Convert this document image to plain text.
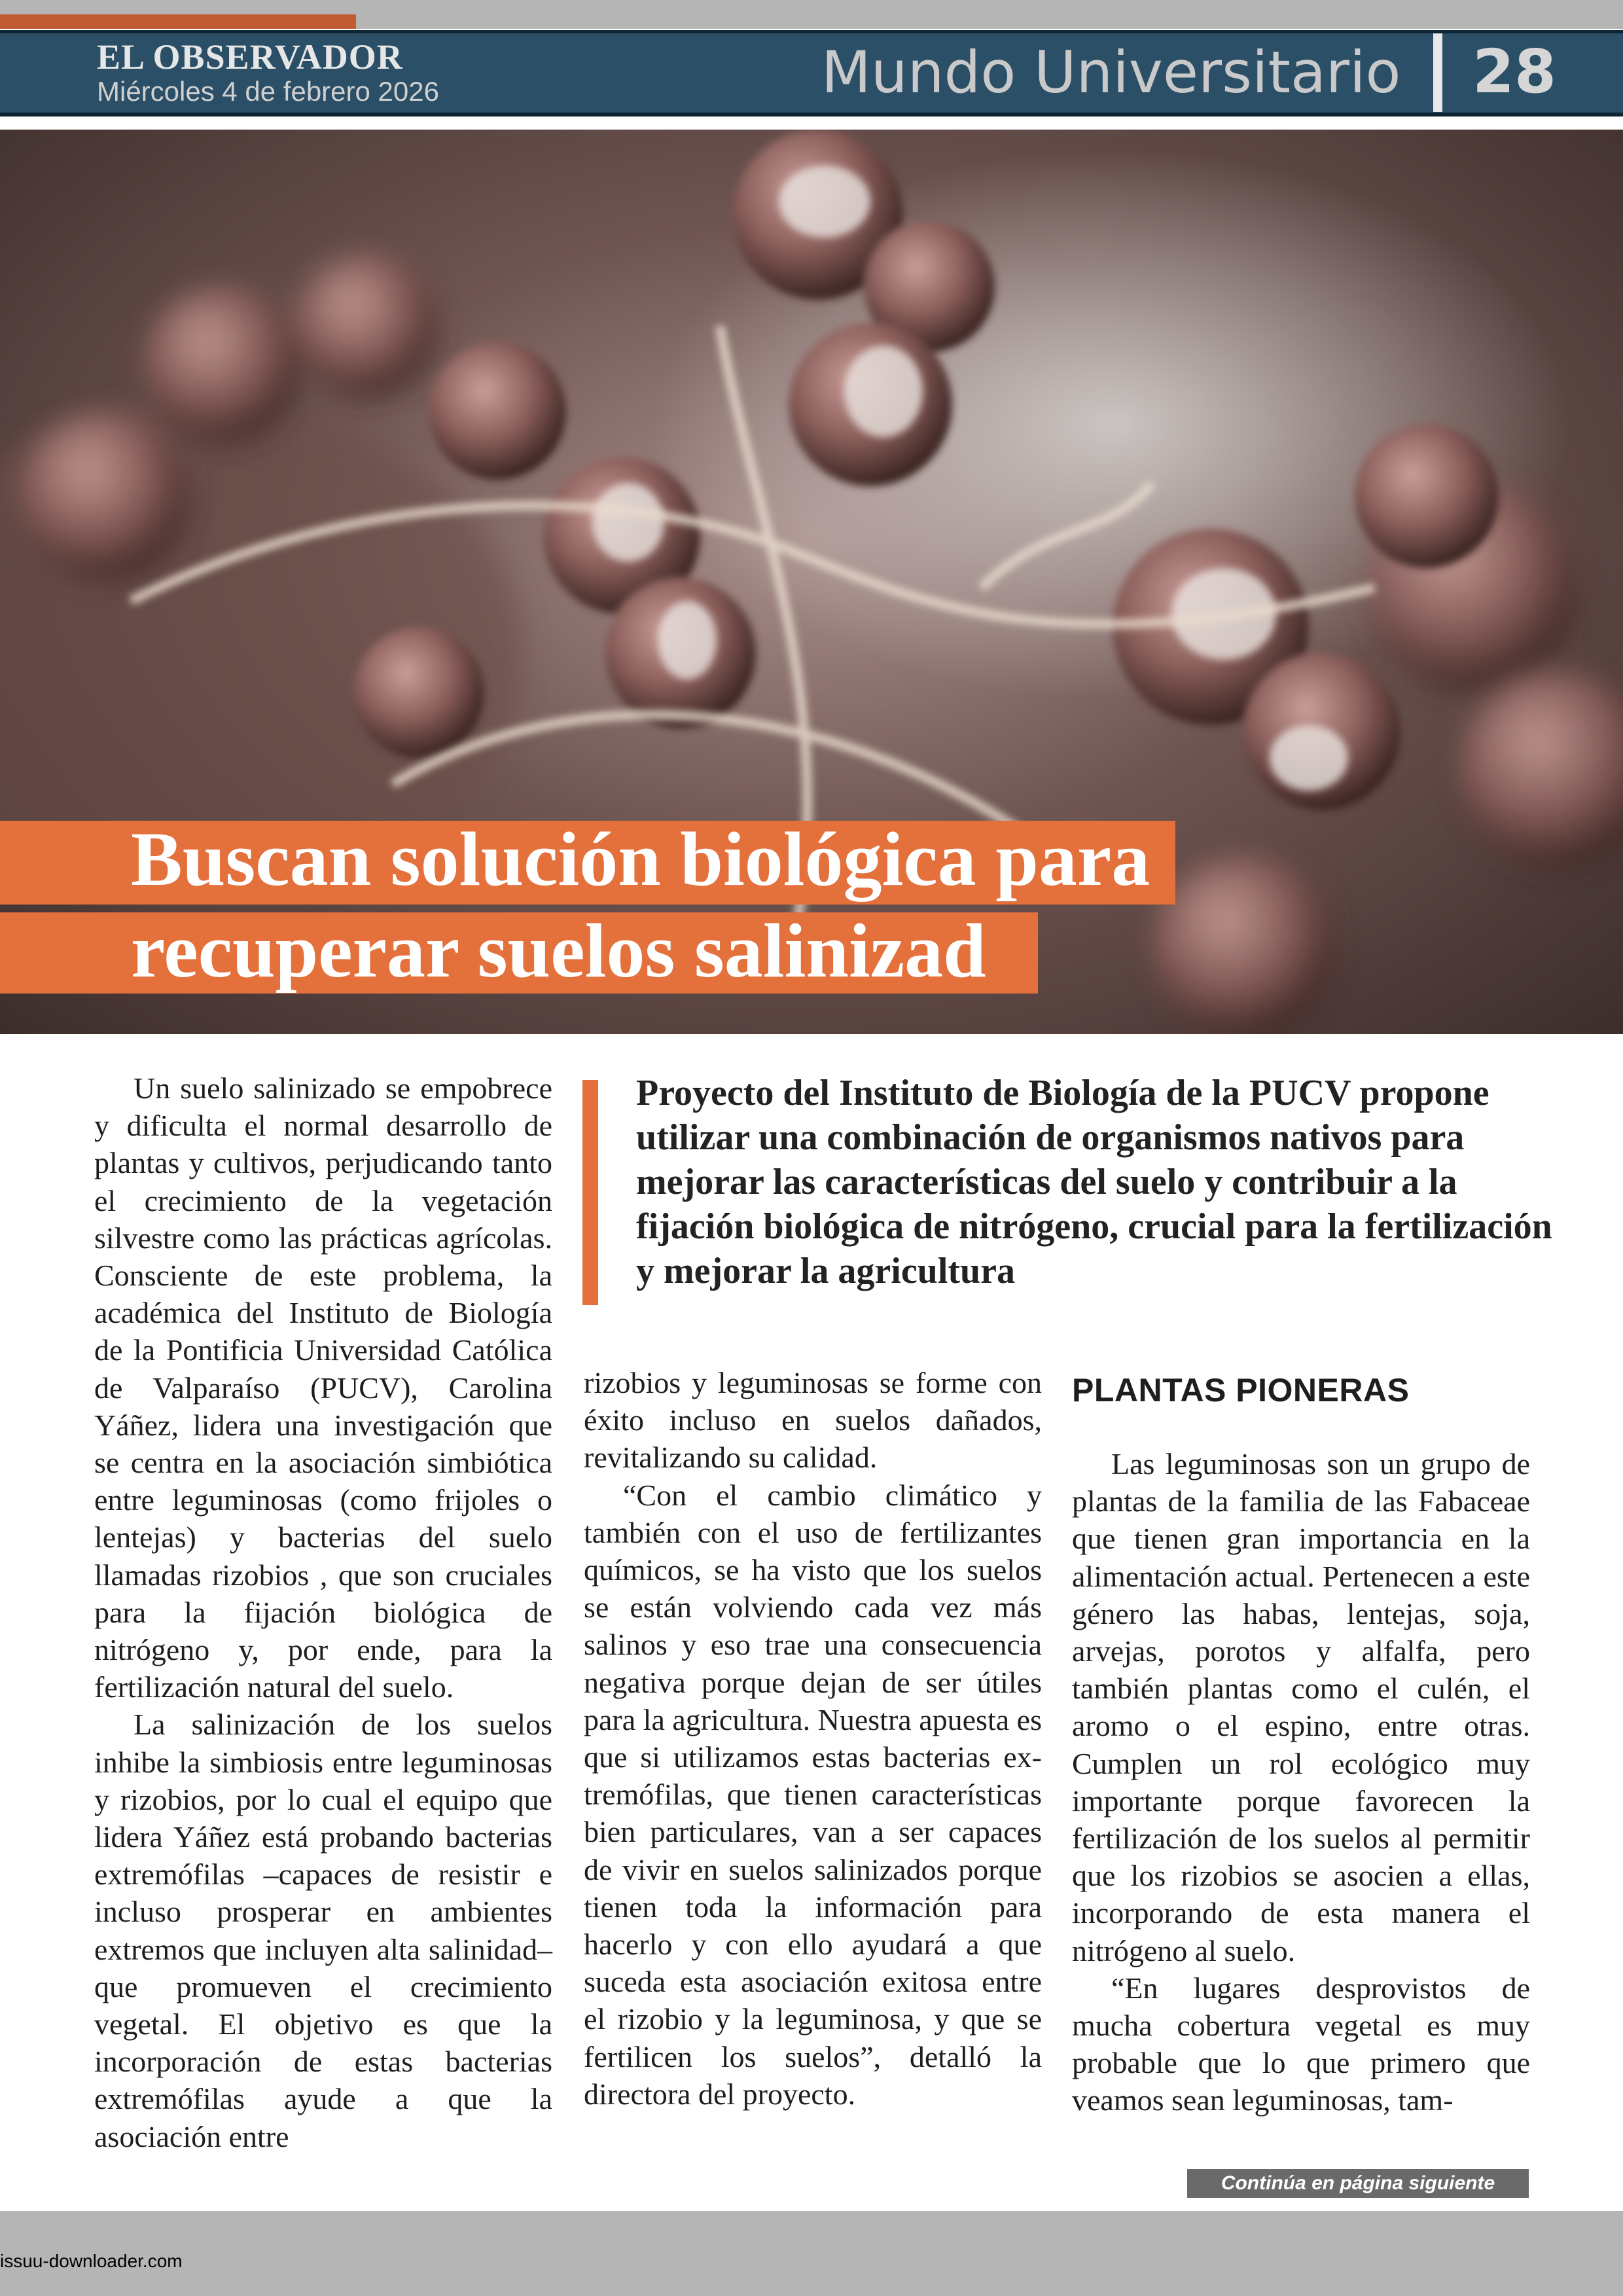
EL OBSERVADOR
Miércoles 4 de febrero 2026	Mundo Universitario 28
Buscan solución biológica para
recuperar suelos salinizad

Un suelo salinizado se empobrece y dificulta el normal desarrollo de plantas y cultivos, perjudicando tanto el crecimiento de la vegetación silvestre como las prácticas agrícolas. Consciente de este problema, la académica del Instituto de Biología de la Pontificia Universidad Católica de Valparaíso (PUCV), Carolina Yáñez, lidera una investigación que se centra en la asociación simbiótica entre leguminosas (como frijoles o lentejas) y bacterias del suelo llamadas rizobios , que son cruciales para la fijación biológica de nitrógeno y, por ende, para la fertilización natural del suelo.

La salinización de los suelos inhibe la simbiosis entre leguminosas y rizobios, por lo cual el equipo que lidera Yáñez está probando bacterias extremófilas –capaces de resistir e incluso prosperar en ambientes extremos que incluyen alta salinidad– que promueven el crecimiento vegetal. El objetivo es que la incorporación de estas bacterias extremófilas ayude a que la asociación entre

Proyecto del Instituto de Biología de la PUCV propone utilizar una combinación de organismos nativos para mejorar las características del suelo y contribuir a la fijación biológica de nitrógeno, crucial para la fertilización y mejorar la agricultura

rizobios y leguminosas se forme con éxito incluso en suelos dañados, revitalizando su calidad.

“Con el cambio climático y también con el uso de fertilizantes químicos, se ha visto que los suelos se están volviendo cada vez más salinos y eso trae una consecuencia negativa porque dejan de ser útiles para la agricultura. Nuestra apuesta es que si utilizamos estas bacterias extremófilas, que tienen características bien particulares, van a ser capaces de vivir en suelos salinizados porque tienen toda la información para hacerlo y con ello ayudará a que suceda esta asociación exitosa entre el rizobio y la leguminosa, y que se fertilicen los suelos”, detalló la directora del proyecto.

PLANTAS PIONERAS

Las leguminosas son un grupo de plantas de la familia de las Fabaceae que tienen gran importancia en la alimentación actual. Pertenecen a este género las habas, lentejas, soja, arvejas, porotos y alfalfa, pero también plantas como el culén, el aromo o el espino, entre otras. Cumplen un rol ecológico muy importante porque favorecen la fertilización de los suelos al permitir que los rizobios se asocien a ellas, incorporando de esta manera el nitrógeno al suelo.

“En lugares desprovistos de mucha cobertura vegetal es muy probable que lo que primero que veamos sean leguminosas, tam-

Continúa en página siguiente
issuu-downloader.com
